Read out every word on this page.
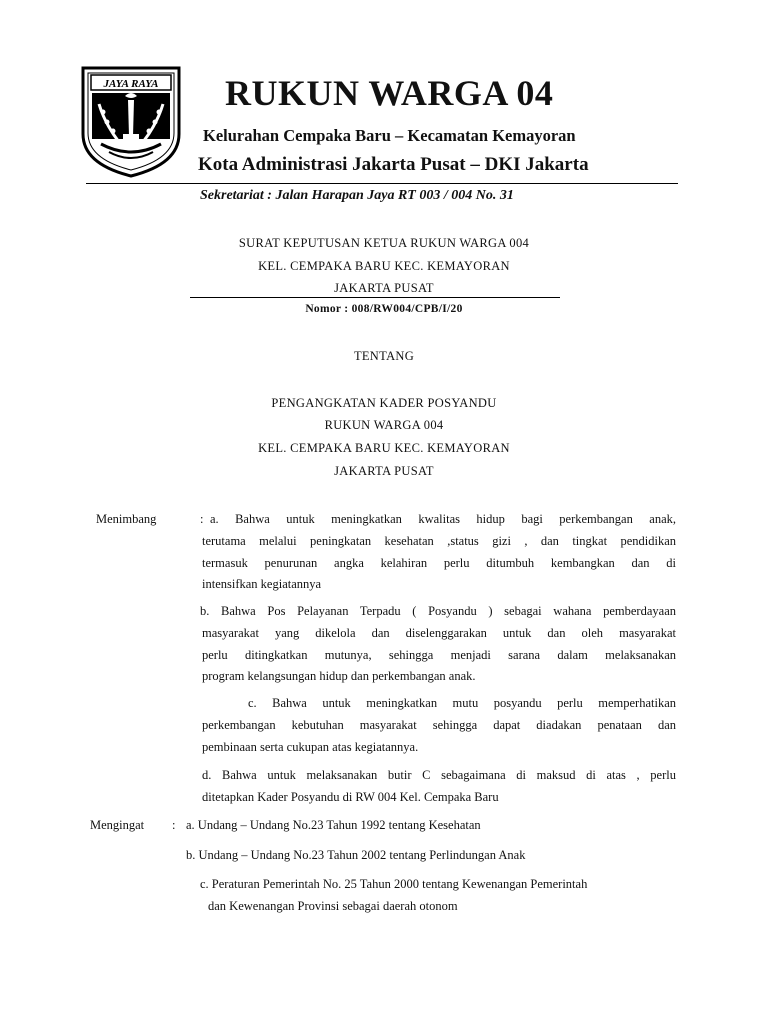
JAYA RAYA RUKUN WARGA 04
Kelurahan Cempaka Baru – Kecamatan Kemayoran
Kota Administrasi Jakarta Pusat – DKI Jakarta
Sekretariat : Jalan Harapan Jaya RT 003 / 004 No. 31
SURAT KEPUTUSAN KETUA RUKUN WARGA 004
KEL. CEMPAKA BARU KEC. KEMAYORAN
JAKARTA PUSAT
Nomor : 008/RW004/CPB/I/20
TENTANG
PENGANGKATAN KADER POSYANDU
RUKUN WARGA 004
KEL. CEMPAKA BARU KEC. KEMAYORAN
JAKARTA PUSAT
Menimbang	: a. Bahwa untuk meningkatkan kwalitas hidup bagi perkembangan anak,
terutama melalui peningkatan kesehatan ,status gizi , dan tingkat pendidikan
termasuk penurunan angka kelahiran perlu ditumbuh kembangkan dan di
intensifkan kegiatannya
b. Bahwa Pos Pelayanan Terpadu ( Posyandu ) sebagai wahana pemberdayaan
masyarakat yang dikelola dan diselenggarakan untuk dan oleh masyarakat
perlu ditingkatkan mutunya, sehingga menjadi sarana dalam melaksanakan
program kelangsungan hidup dan perkembangan anak.
c. Bahwa untuk meningkatkan mutu posyandu perlu memperhatikan
perkembangan kebutuhan masyarakat sehingga dapat diadakan penataan dan
pembinaan serta cukupan atas kegiatannya.
d. Bahwa untuk melaksanakan butir C sebagaimana di maksud di atas , perlu
ditetapkan Kader Posyandu di RW 004 Kel. Cempaka Baru
Mengingat : a. Undang – Undang No.23 Tahun 1992 tentang Kesehatan
b. Undang – Undang No.23 Tahun 2002 tentang Perlindungan Anak
c. Peraturan Pemerintah No. 25 Tahun 2000 tentang Kewenangan Pemerintah
dan Kewenangan Provinsi sebagai daerah otonom
